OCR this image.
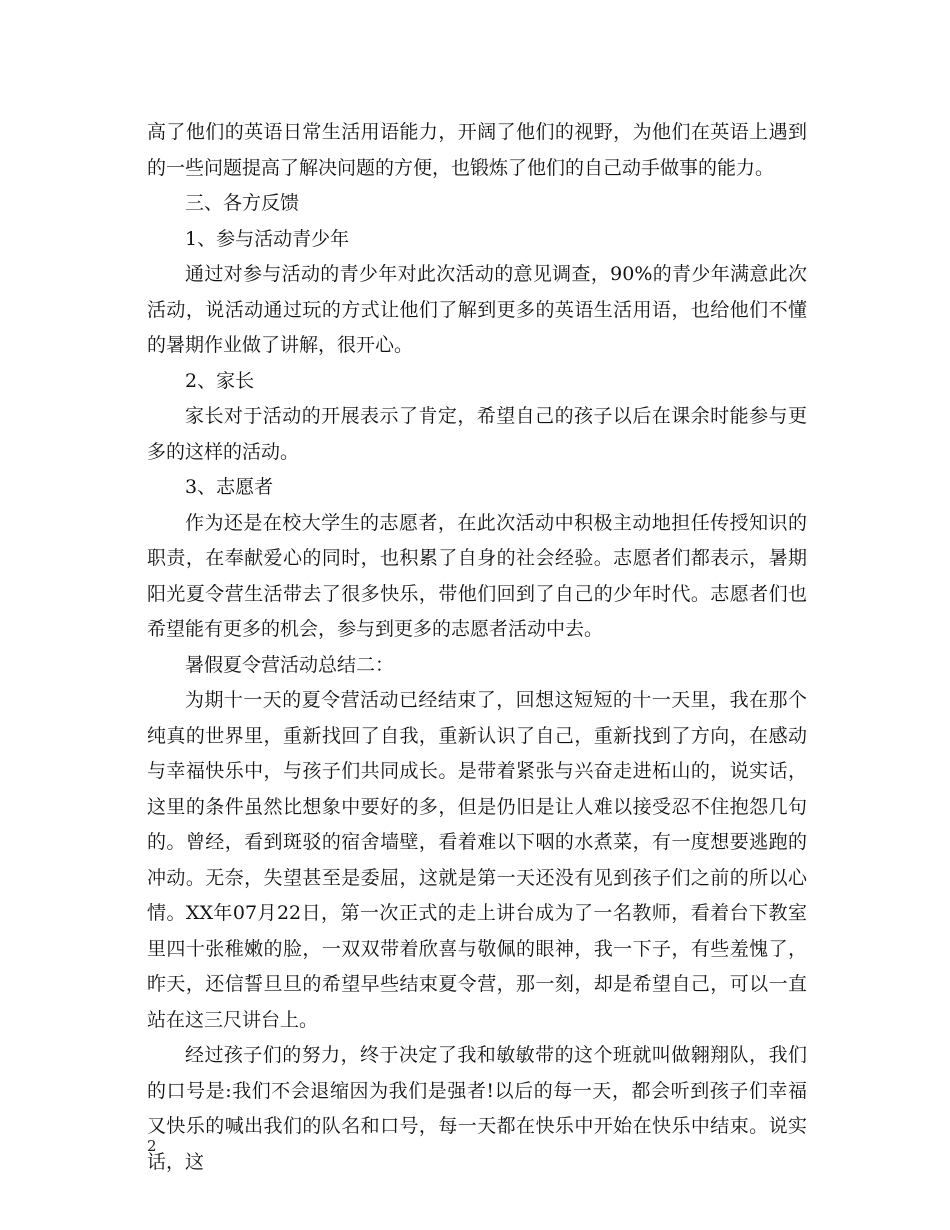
高了他们的英语日常生活用语能力，开阔了他们的视野，为他们在英语上遇到的一些问题提高了解决问题的方便，也锻炼了他们的自己动手做事的能力。

三、各方反馈

1、参与活动青少年

通过对参与活动的青少年对此次活动的意见调查，90%的青少年满意此次活动，说活动通过玩的方式让他们了解到更多的英语生活用语，也给他们不懂的暑期作业做了讲解，很开心。

2、家长

家长对于活动的开展表示了肯定，希望自己的孩子以后在课余时能参与更多的这样的活动。

3、志愿者

作为还是在校大学生的志愿者，在此次活动中积极主动地担任传授知识的职责，在奉献爱心的同时，也积累了自身的社会经验。志愿者们都表示，暑期阳光夏令营生活带去了很多快乐，带他们回到了自己的少年时代。志愿者们也希望能有更多的机会，参与到更多的志愿者活动中去。

暑假夏令营活动总结二：

为期十一天的夏令营活动已经结束了，回想这短短的十一天里，我在那个纯真的世界里，重新找回了自我，重新认识了自己，重新找到了方向，在感动与幸福快乐中，与孩子们共同成长。是带着紧张与兴奋走进柘山的，说实话，这里的条件虽然比想象中要好的多，但是仍旧是让人难以接受忍不住抱怨几句的。曾经，看到斑驳的宿舍墙壁，看着难以下咽的水煮菜，有一度想要逃跑的冲动。无奈，失望甚至是委屈，这就是第一天还没有见到孩子们之前的所以心情。XX年07月22日，第一次正式的走上讲台成为了一名教师，看着台下教室里四十张稚嫩的脸，一双双带着欣喜与敬佩的眼神，我一下子，有些羞愧了，昨天，还信誓旦旦的希望早些结束夏令营，那一刻，却是希望自己，可以一直站在这三尺讲台上。

经过孩子们的努力，终于决定了我和敏敏带的这个班就叫做翱翔队，我们的口号是:我们不会退缩因为我们是强者!以后的每一天，都会听到孩子们幸福又快乐的喊出我们的队名和口号，每一天都在快乐中开始在快乐中结束。说实话，这

2
